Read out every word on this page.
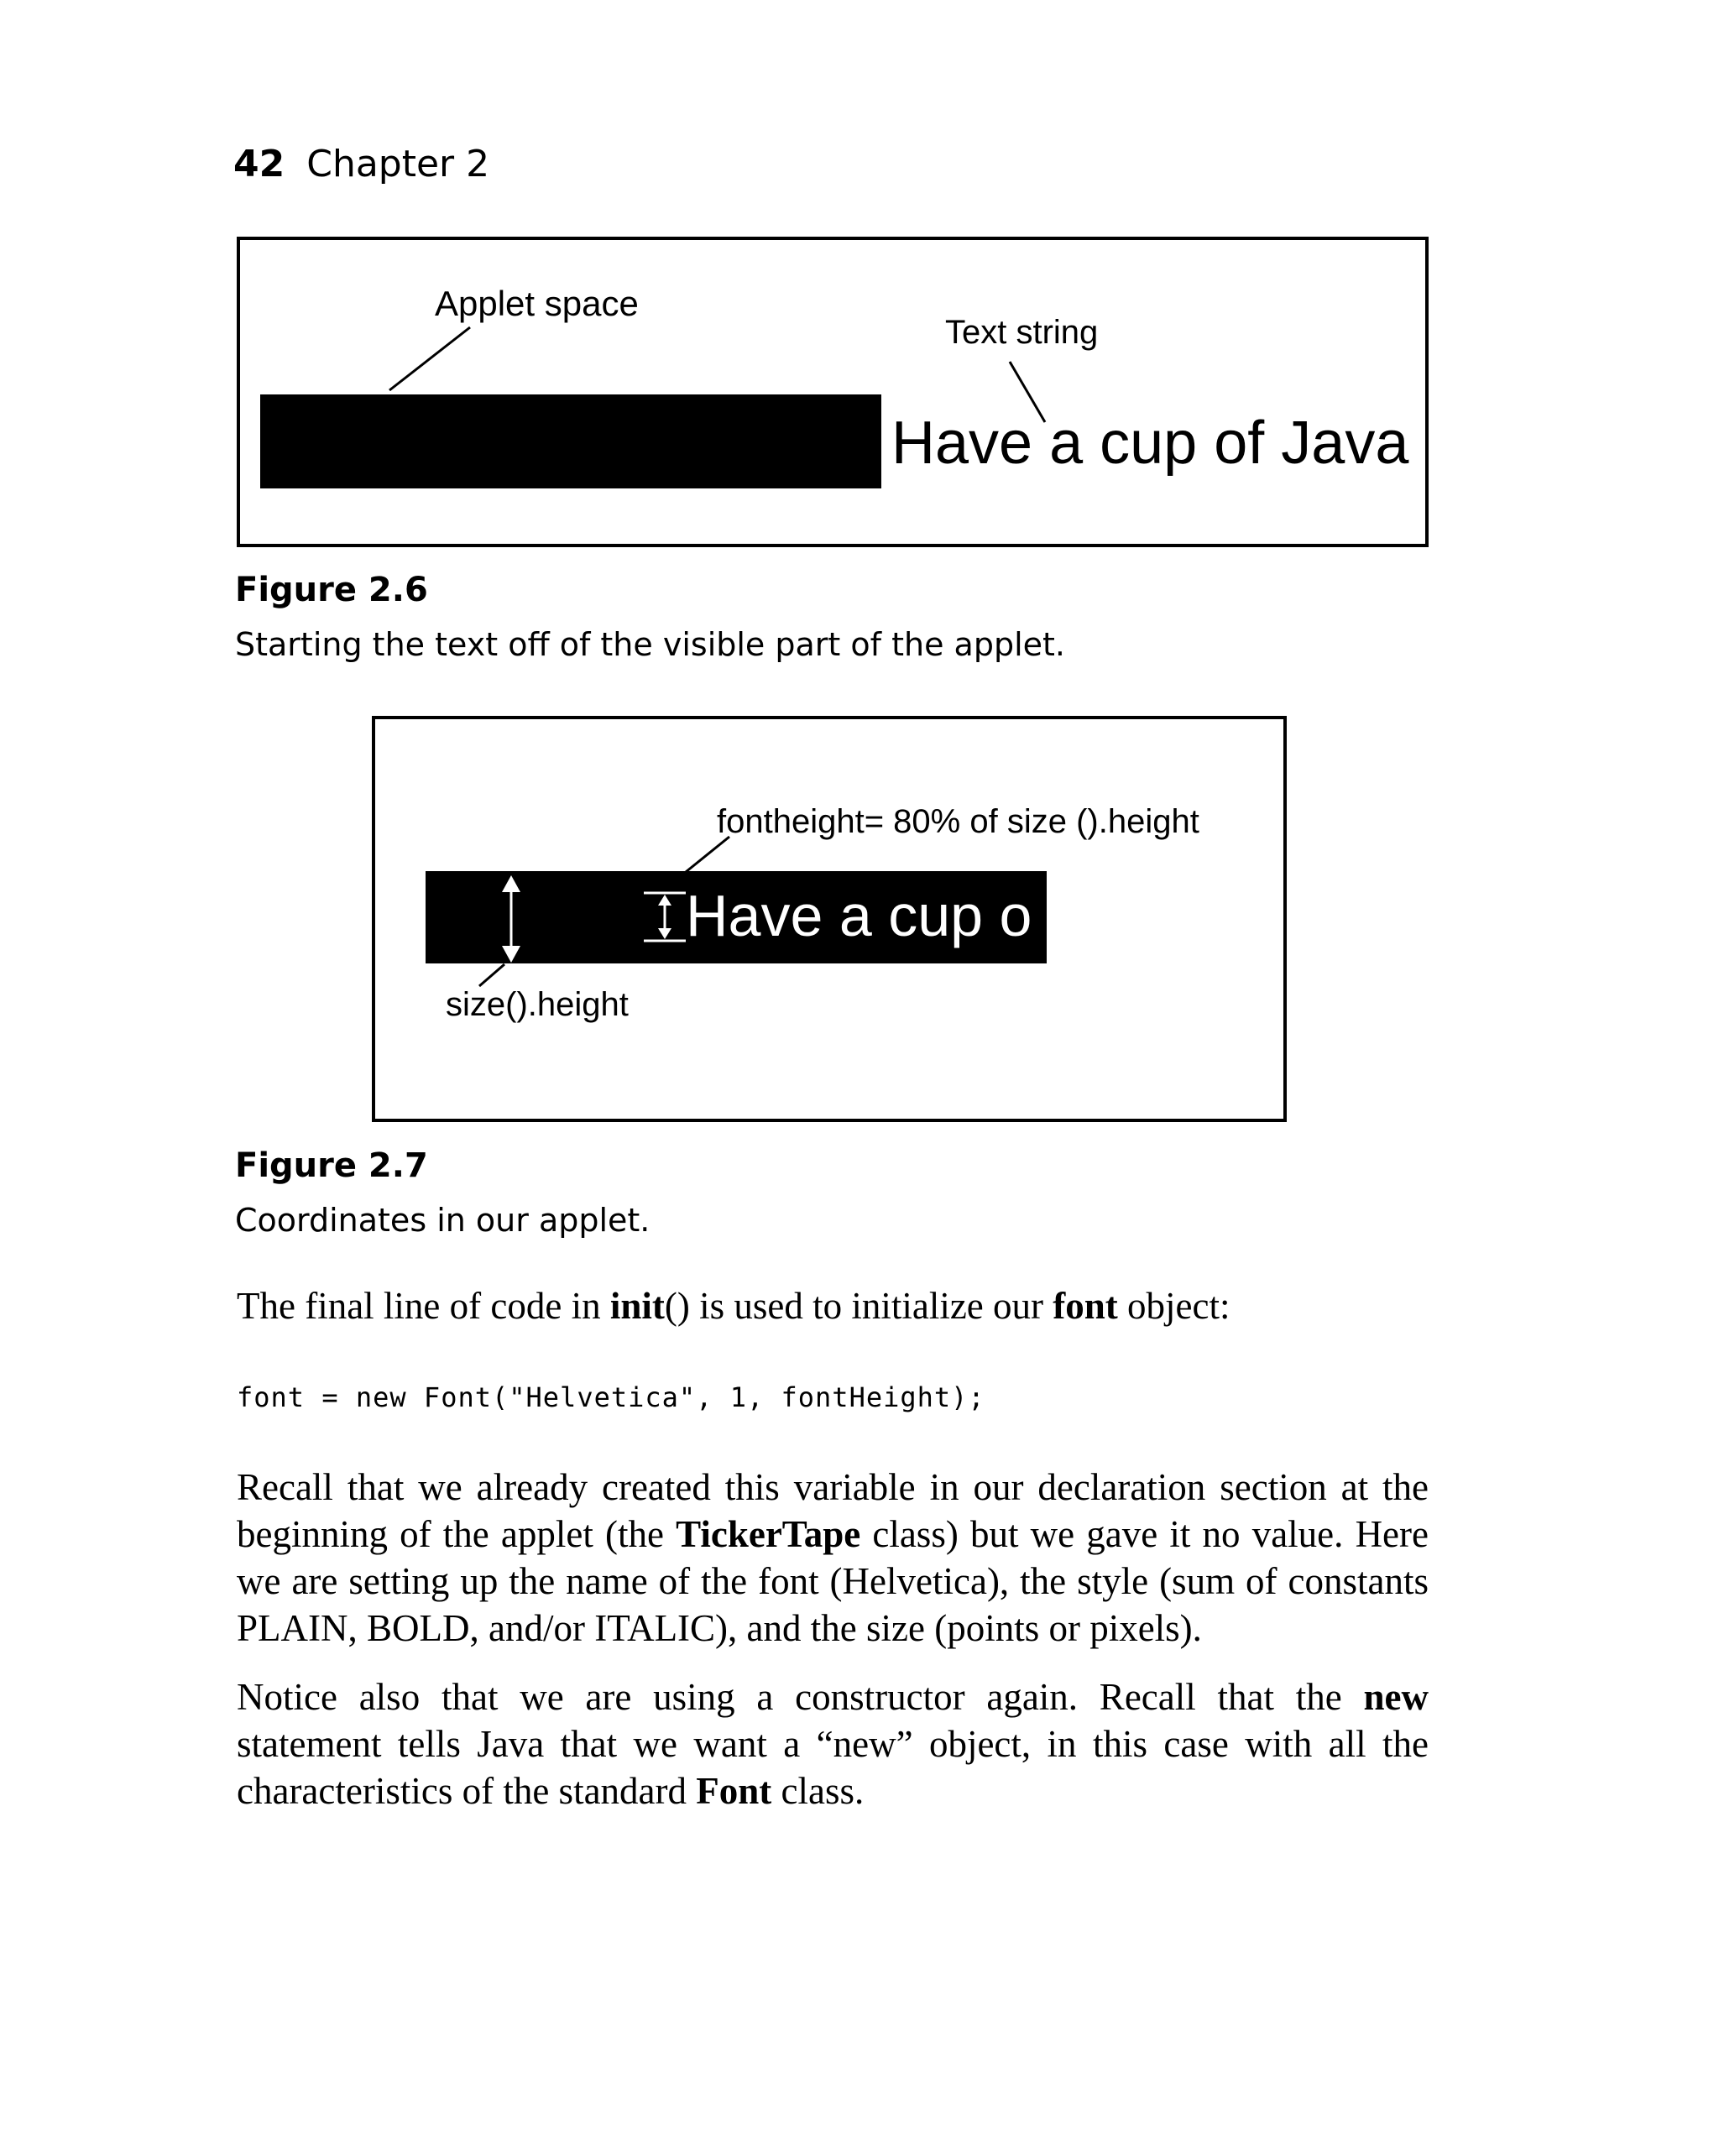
42 Chapter 2
Applet space
Text string
Have a cup of Java
Figure 2.6
Starting the text off of the visible part of the applet.
Have a cup o
fontheight= 80% of size ().height
size().height
Figure 2.7
Coordinates in our applet.

The final line of code in init() is used to initialize our font object:

font = new Font("Helvetica", 1, fontHeight);

Recall that we already created this variable in our declaration section at the beginning of the applet (the TickerTape class) but we gave it no value. Here we are setting up the name of the font (Helvetica), the style (sum of constants PLAIN, BOLD, and/or ITALIC), and the size (points or pixels).

Notice also that we are using a constructor again. Recall that the new statement tells Java that we want a “new” object, in this case with all the characteristics of the standard Font class.
